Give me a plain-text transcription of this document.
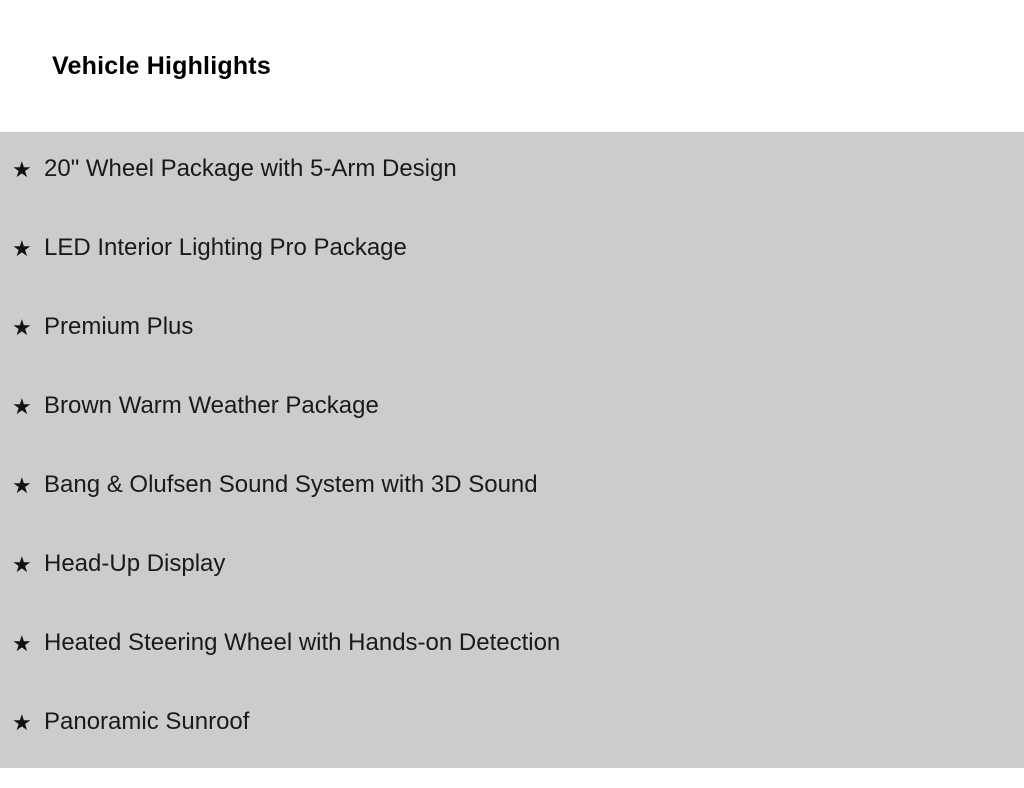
Vehicle Highlights
★ 20" Wheel Package with 5-Arm Design
★ LED Interior Lighting Pro Package
★ Premium Plus
★ Brown Warm Weather Package
★ Bang & Olufsen Sound System with 3D Sound
★ Head-Up Display
★ Heated Steering Wheel with Hands-on Detection
★ Panoramic Sunroof
